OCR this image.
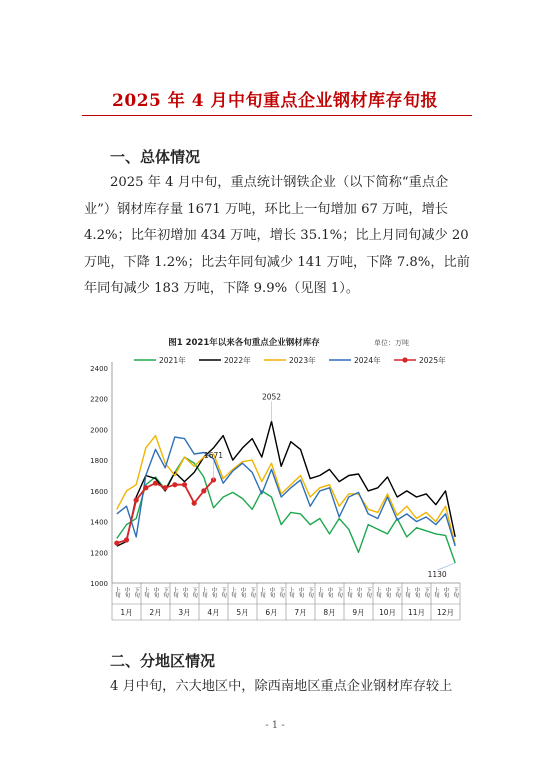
2025 年 4 月中旬重点企业钢材库存旬报
一、总体情况
2025 年 4 月中旬，重点统计钢铁企业（以下简称“重点企
业”）钢材库存量 1671 万吨，环比上一旬增加 67 万吨，增长
4.2%；比年初增加 434 万吨，增长 35.1%；比上月同旬减少 20
万吨，下降 1.2%；比去年同旬减少 141 万吨，下降 7.8%，比前
年同旬减少 183 万吨，下降 9.9%（见图 1）。
图1 2021年以来各旬重点企业钢材库存	单位：万吨
2021年	2022年	2023年	2024年	2025年
1000
1200
1400
1600
1800
2000
2200
2400
上旬 中旬 下旬 上旬 中旬 下旬 上旬 中旬 下旬 上旬 中旬 下旬 上旬 中旬 下旬 上旬 中旬 下旬 上旬 中旬 下旬 上旬 中旬 下旬 上旬 中旬 下旬 上旬 中旬 下旬 上旬 中旬 下旬 上旬 中旬 下旬
1月 2月 3月 4月 5月 6月 7月 8月 9月 10月 11月 12月
1671
2052
1130
二、分地区情况
4 月中旬，六大地区中，除西南地区重点企业钢材库存较上
- 1 -
